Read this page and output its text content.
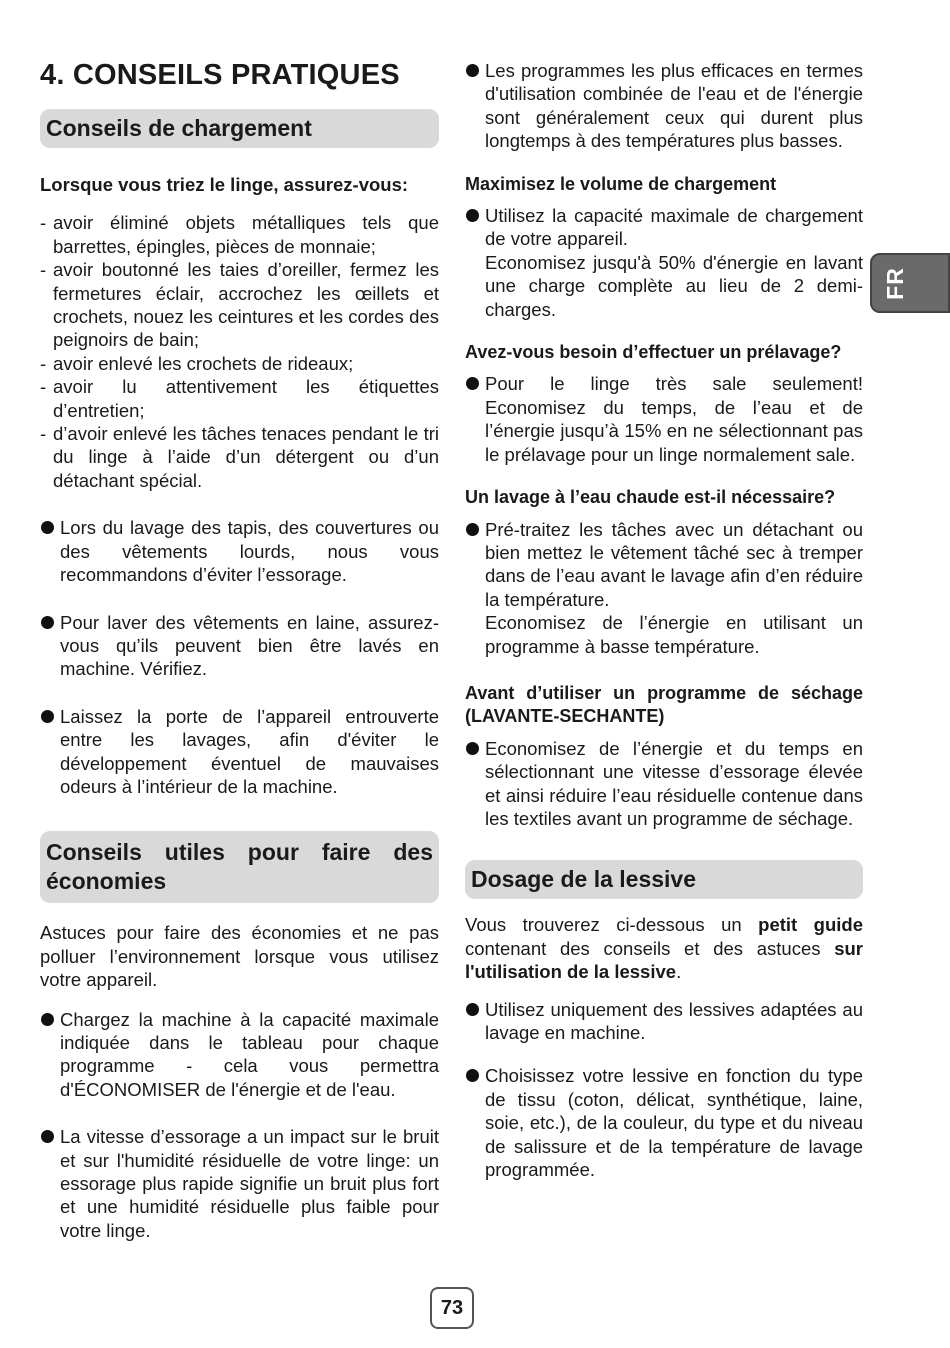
4. CONSEILS PRATIQUES
Conseils de chargement

Lorsque vous triez le linge, assurez-vous:

- avoir éliminé objets métalliques tels que barrettes, épingles, pièces de monnaie;
- avoir boutonné les taies d’oreiller, fermez les fermetures éclair, accrochez les œillets et crochets, nouez les ceintures et les cordes des peignoirs de bain;
- avoir enlevé les crochets de rideaux;
- avoir lu attentivement les étiquettes d’entretien;
- d’avoir enlevé les tâches tenaces pendant le tri du linge à l’aide d’un détergent ou d’un détachant spécial.

Lors du lavage des tapis, des couvertures ou des vêtements lourds, nous vous recommandons d’éviter l’essorage.

Pour laver des vêtements en laine, assurez-vous qu’ils peuvent bien être lavés en machine. Vérifiez.

Laissez la porte de l’appareil entrouverte entre les lavages, afin d'éviter le développement éventuel de mauvaises odeurs à l’intérieur de la machine.

Conseils utiles pour faire des économies

Astuces pour faire des économies et ne pas polluer l’environnement lorsque vous utilisez votre appareil.

Chargez la machine à la capacité maximale indiquée dans le tableau pour chaque programme - cela vous permettra d'ÉCONOMISER de l'énergie et de l'eau.

La vitesse d’essorage a un impact sur le bruit et sur l'humidité résiduelle de votre linge: un essorage plus rapide signifie un bruit plus fort et une humidité résiduelle plus faible pour votre linge.

Les programmes les plus efficaces en termes d'utilisation combinée de l'eau et de l'énergie sont généralement ceux qui durent plus longtemps à des températures plus basses.

Maximisez le volume de chargement

Utilisez la capacité maximale de chargement de votre appareil.

Economisez jusqu'à 50% d'énergie en lavant une charge complète au lieu de 2 demi-charges.

Avez-vous besoin d’effectuer un prélavage?

Pour le linge très sale seulement! Economisez du temps, de l’eau et de l’énergie jusqu’à 15% en ne sélectionnant pas le prélavage pour un linge normalement sale.

Un lavage à l’eau chaude est-il nécessaire?

Pré-traitez les tâches avec un détachant ou bien mettez le vêtement tâché sec à tremper dans de l’eau avant le lavage afin d’en réduire la température.

Economisez de l’énergie en utilisant un programme à basse température.

Avant d’utiliser un programme de séchage (LAVANTE-SECHANTE)

Economisez de l’énergie et du temps en sélectionnant une vitesse d’essorage élevée et ainsi réduire l’eau résiduelle contenue dans les textiles avant un programme de séchage.

Dosage de la lessive

Vous trouverez ci-dessous un petit guide contenant des conseils et des astuces sur l'utilisation de la lessive.

Utilisez uniquement des lessives adaptées au lavage en machine.

Choisissez votre lessive en fonction du type de tissu (coton, délicat, synthétique, laine, soie, etc.), de la couleur, du type et du niveau de salissure et de la température de lavage programmée.

FR
73
